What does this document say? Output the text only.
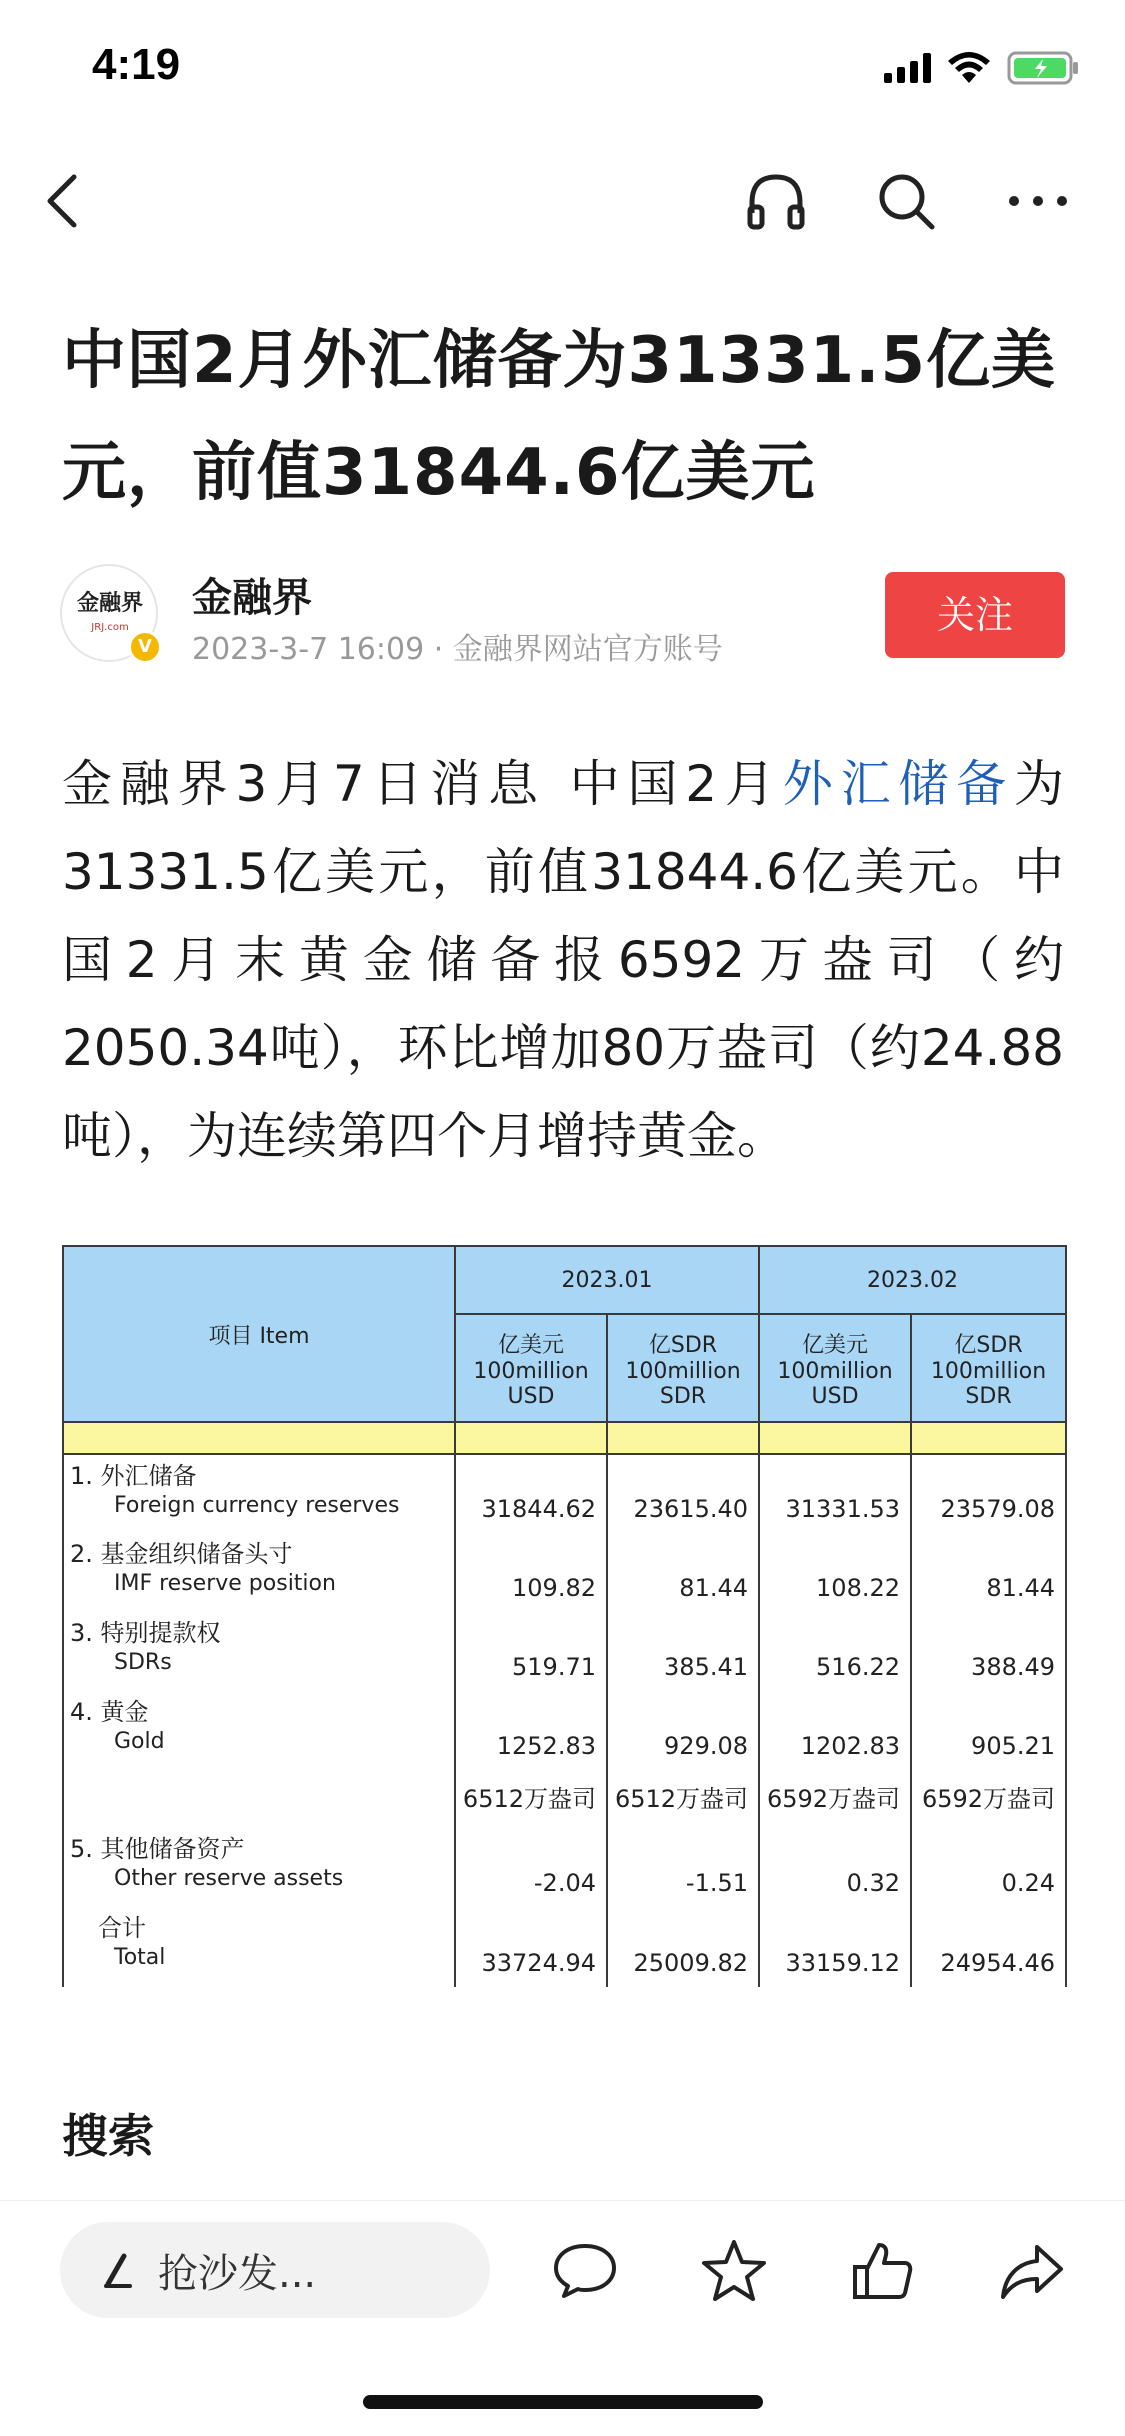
4:19
中国2月外汇储备为31331.5亿美元，前值31844.6亿美元
金融界
JRJ.com
V
金融界
2023-3-7 16:09 · 金融界网站官方账号
关注

金融界3月7日消息 中国2月外汇储备为31331.5亿美元，前值31844.6亿美元。中国2月末黄金储备报6592万盎司（约2050.34吨），环比增加80万盎司（约24.88吨），为连续第四个月增持黄金。

项目 Item	2023.01		2023.02	
	亿美元
100million
USD	亿SDR
100million
SDR	亿美元
100million
USD	亿SDR
100million
SDR

1. 外汇储备
Foreign currency reserves	31844.62	23615.40	31331.53	23579.08
2. 基金组织储备头寸
IMF reserve position	109.82	81.44	108.22	81.44
3. 特别提款权
SDRs	519.71	385.41	516.22	388.49
4. 黄金
Gold	1252.83	929.08	1202.83	905.21
	6512万盎司	6512万盎司	6592万盎司	6592万盎司
5. 其他储备资产
Other reserve assets	-2.04	-1.51	0.32	0.24
合计
Total	33724.94	25009.82	33159.12	24954.46
搜索
抢沙发...
